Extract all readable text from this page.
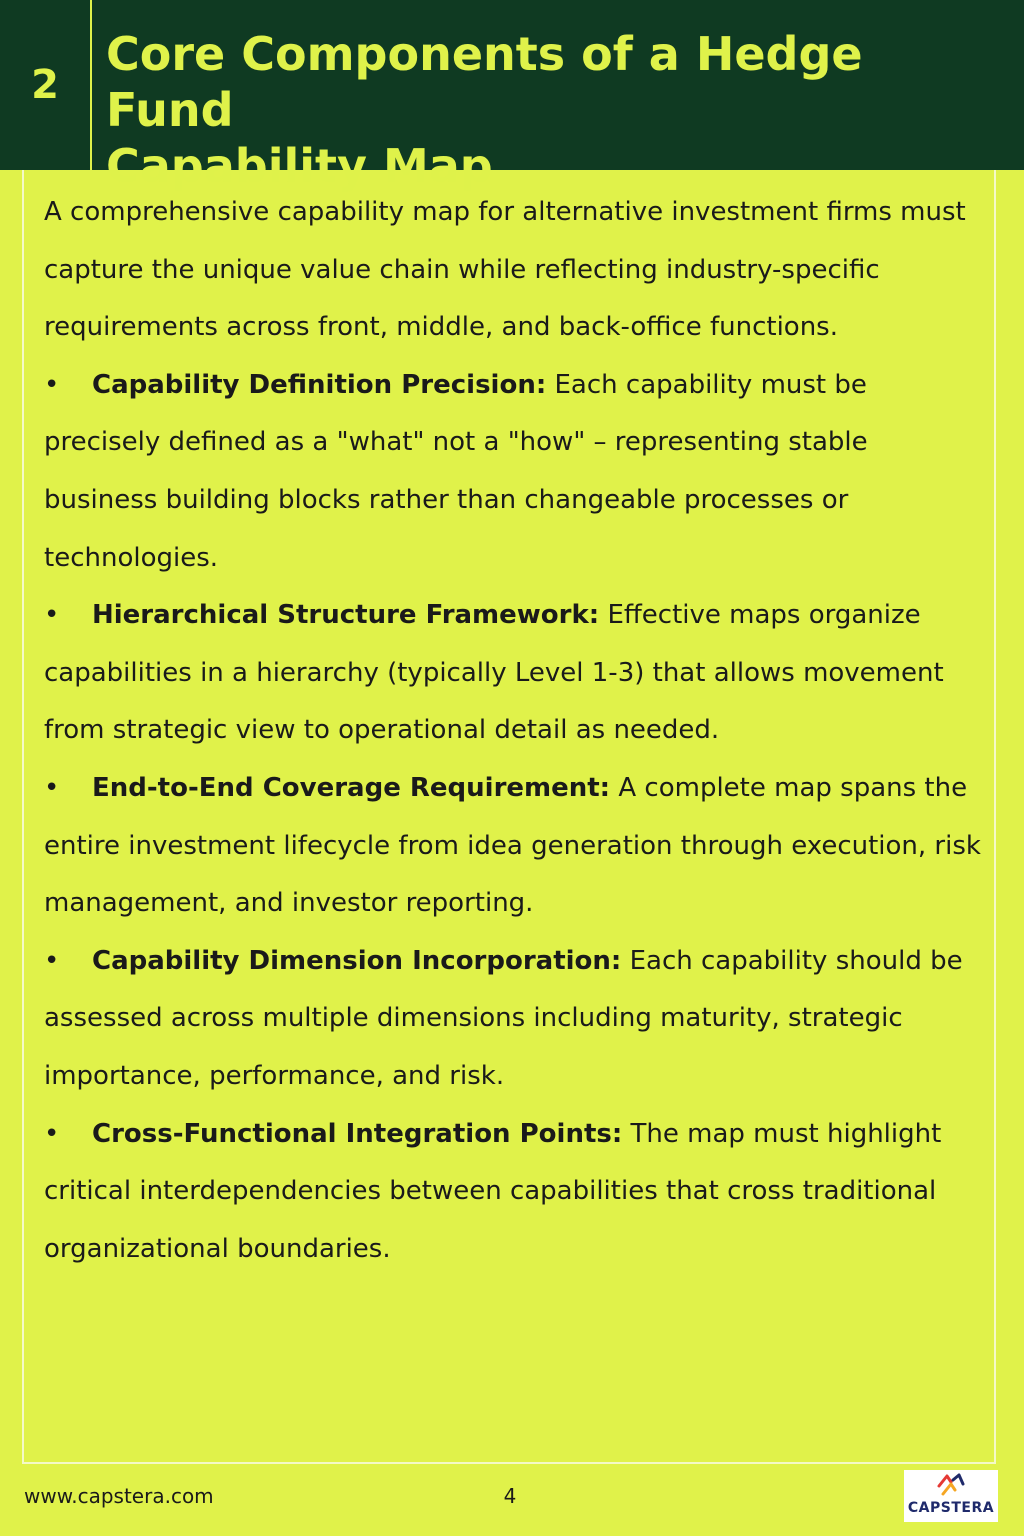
2
Core Components of a Hedge Fund
Capability Map

A comprehensive capability map for alternative investment firms must capture the unique value chain while reflecting industry-specific requirements across front, middle, and back-office functions.

• Capability Definition Precision: Each capability must be precisely defined as a "what" not a "how" – representing stable business building blocks rather than changeable processes or technologies.

• Hierarchical Structure Framework: Effective maps organize capabilities in a hierarchy (typically Level 1-3) that allows movement from strategic view to operational detail as needed.

• End-to-End Coverage Requirement: A complete map spans the entire investment lifecycle from idea generation through execution, risk management, and investor reporting.

• Capability Dimension Incorporation: Each capability should be assessed across multiple dimensions including maturity, strategic importance, performance, and risk.

• Cross-Functional Integration Points: The map must highlight critical interdependencies between capabilities that cross traditional organizational boundaries.

www.capstera.com	4	CAPSTERA
